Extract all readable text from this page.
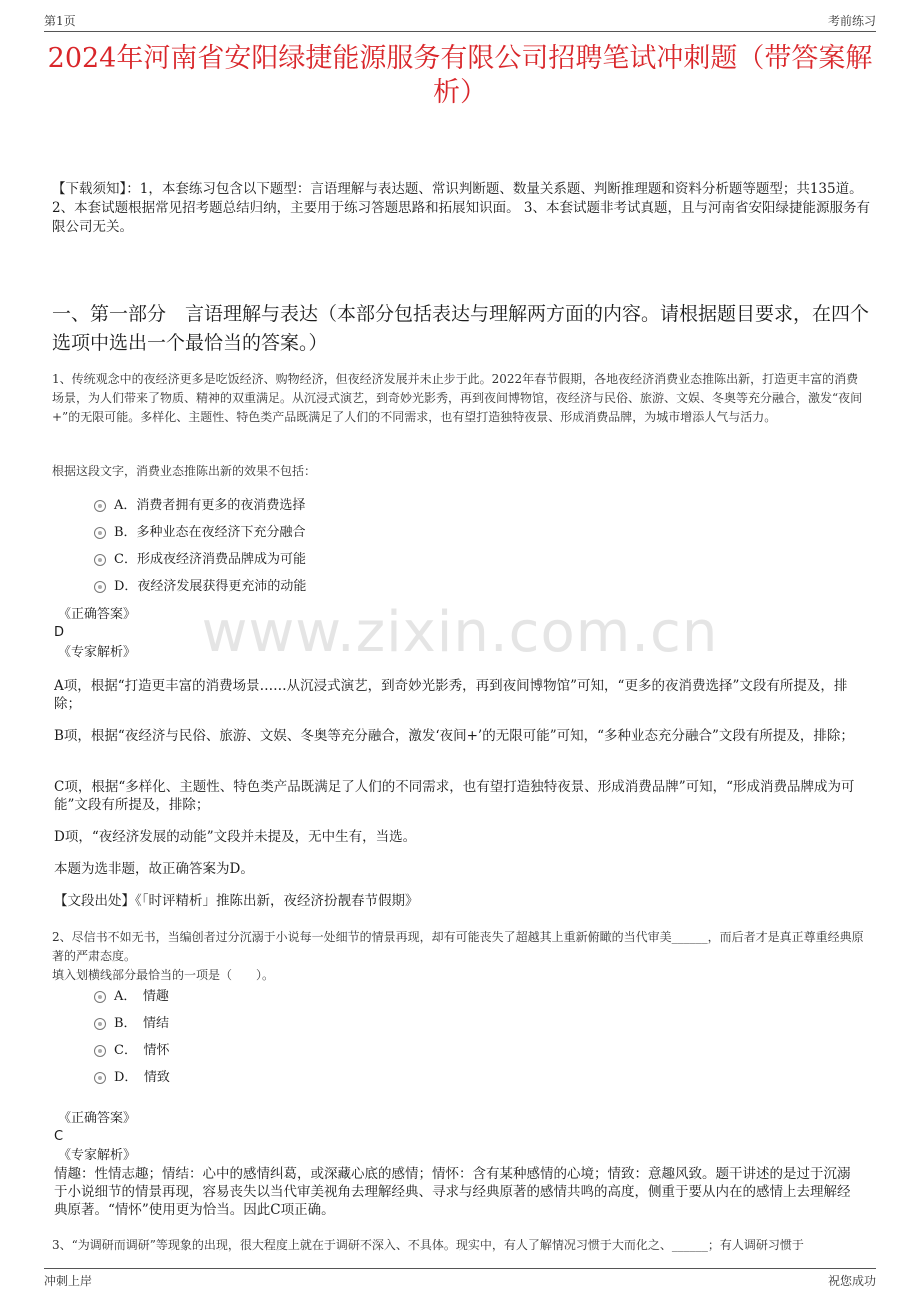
第1页	考前练习
2024年河南省安阳绿捷能源服务有限公司招聘笔试冲刺题（带答案解析）
【下载须知】：1，本套练习包含以下题型：言语理解与表达题、常识判断题、数量关系题、判断推理题和资料分析题等题型；共135道。 2、本套试题根据常见招考题总结归纳，主要用于练习答题思路和拓展知识面。 3、本套试题非考试真题，且与河南省安阳绿捷能源服务有限公司无关。
一、第一部分　言语理解与表达（本部分包括表达与理解两方面的内容。请根据题目要求，在四个选项中选出一个最恰当的答案。）
www.zixin.com.cn
1、传统观念中的夜经济更多是吃饭经济、购物经济，但夜经济发展并未止步于此。2022年春节假期，各地夜经济消费业态推陈出新，打造更丰富的消费场景，为人们带来了物质、精神的双重满足。从沉浸式演艺，到奇妙光影秀，再到夜间博物馆，夜经济与民俗、旅游、文娱、冬奥等充分融合，激发“夜间+”的无限可能。多样化、主题性、特色类产品既满足了人们的不同需求，也有望打造独特夜景、形成消费品牌，为城市增添人气与活力。
根据这段文字，消费业态推陈出新的效果不包括：
A．消费者拥有更多的夜消费选择
B．多种业态在夜经济下充分融合
C．形成夜经济消费品牌成为可能
D．夜经济发展获得更充沛的动能
《正确答案》
D
《专家解析》
A项，根据“打造更丰富的消费场景……从沉浸式演艺，到奇妙光影秀，再到夜间博物馆”可知，“更多的夜消费选择”文段有所提及，排除；
B项，根据“夜经济与民俗、旅游、文娱、冬奥等充分融合，激发‘夜间+’的无限可能”可知，“多种业态充分融合”文段有所提及，排除；
C项，根据“多样化、主题性、特色类产品既满足了人们的不同需求，也有望打造独特夜景、形成消费品牌”可知，“形成消费品牌成为可能”文段有所提及，排除；
D项，“夜经济发展的动能”文段并未提及，无中生有，当选。
本题为选非题，故正确答案为D。
【文段出处】《「时评精析」推陈出新，夜经济扮靓春节假期》
2、尽信书不如无书，当编创者过分沉溺于小说每一处细节的情景再现，却有可能丧失了超越其上重新俯瞰的当代审美______，而后者才是真正尊重经典原著的严肃态度。
填入划横线部分最恰当的一项是（　　）。
A．　情趣
B．　情结
C．　情怀
D．　情致
《正确答案》
C
《专家解析》
情趣：性情志趣；情结：心中的感情纠葛，或深藏心底的感情；情怀：含有某种感情的心境；情致：意趣风致。题干讲述的是过于沉溺于小说细节的情景再现，容易丧失以当代审美视角去理解经典、寻求与经典原著的感情共鸣的高度，侧重于要从内在的感情上去理解经典原著。“情怀”使用更为恰当。因此C项正确。
3、“为调研而调研”等现象的出现，很大程度上就在于调研不深入、不具体。现实中，有人了解情况习惯于大而化之、______；有人调研习惯于
冲刺上岸	祝您成功
